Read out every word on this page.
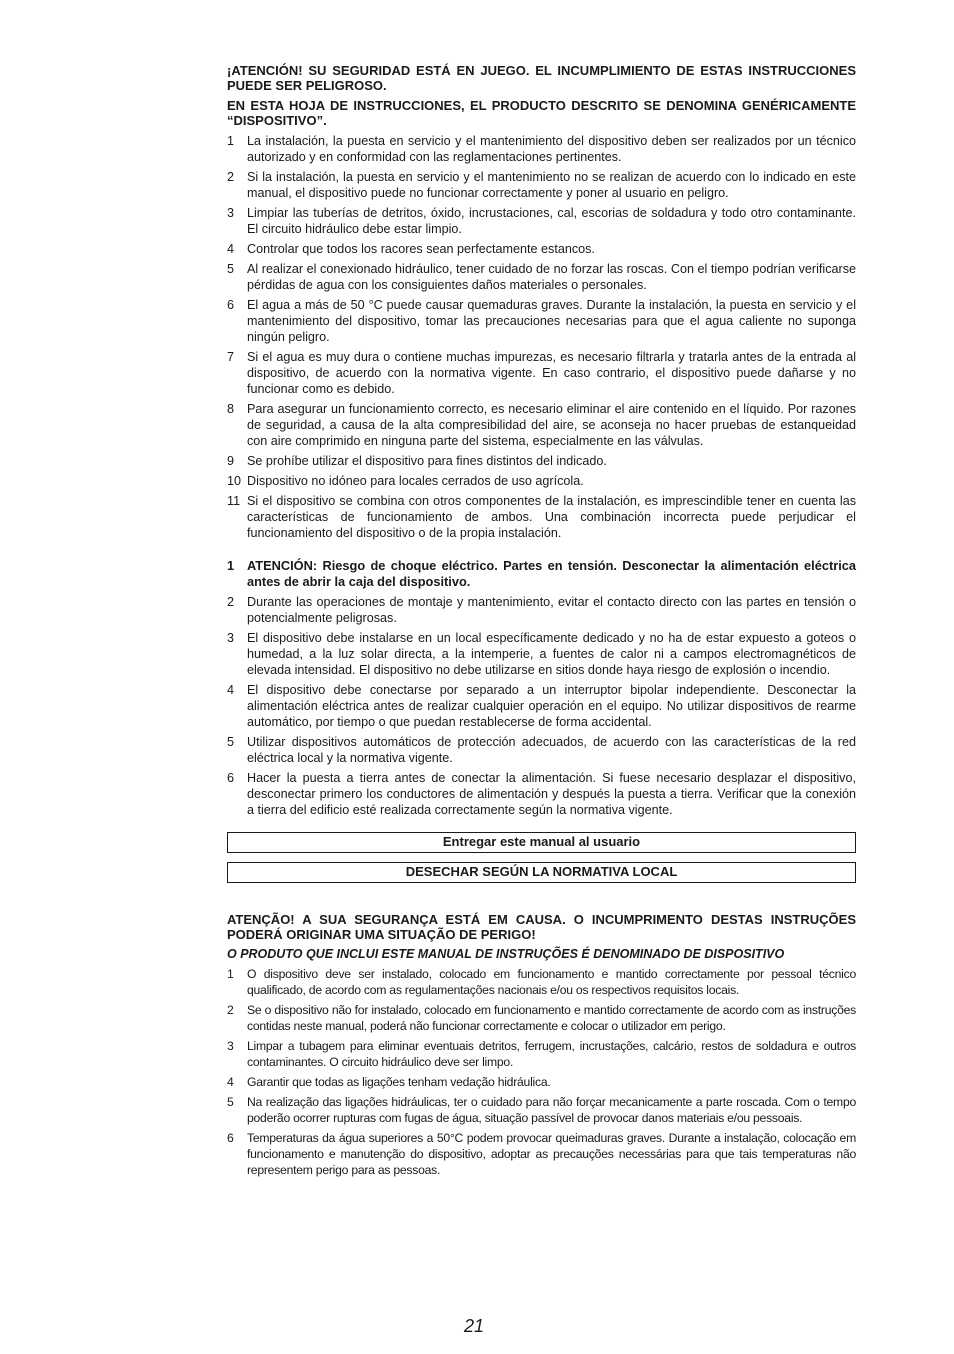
¡ATENCIÓN! SU SEGURIDAD ESTÁ EN JUEGO. EL INCUMPLIMIENTO DE ESTAS INSTRUCCIONES PUEDE SER PELIGROSO.

EN ESTA HOJA DE INSTRUCCIONES, EL PRODUCTO DESCRITO SE DENOMINA GENÉRICAMENTE “DISPOSITIVO”.

1	La instalación, la puesta en servicio y el mantenimiento del dispositivo deben ser realizados por un técnico autorizado y en conformidad con las reglamentaciones pertinentes.
2	Si la instalación, la puesta en servicio y el mantenimiento no se realizan de acuerdo con lo indicado en este manual, el dispositivo puede no funcionar correctamente y poner al usuario en peligro.
3	Limpiar las tuberías de detritos, óxido, incrustaciones, cal, escorias de soldadura y todo otro contaminante. El circuito hidráulico debe estar limpio.
4	Controlar que todos los racores sean perfectamente estancos.
5	Al realizar el conexionado hidráulico, tener cuidado de no forzar las roscas. Con el tiempo podrían verificarse pérdidas de agua con los consiguientes daños materiales o personales.
6	El agua a más de 50 °C puede causar quemaduras graves. Durante la instalación, la puesta en servicio y el mantenimiento del dispositivo, tomar las precauciones necesarias para que el agua caliente no suponga ningún peligro.
7	Si el agua es muy dura o contiene muchas impurezas, es necesario filtrarla y tratarla antes de la entrada al dispositivo, de acuerdo con la normativa vigente. En caso contrario, el dispositivo puede dañarse y no funcionar como es debido.
8	Para asegurar un funcionamiento correcto, es necesario eliminar el aire contenido en el líquido. Por razones de seguridad, a causa de la alta compresibilidad del aire, se aconseja no hacer pruebas de estanqueidad con aire comprimido en ninguna parte del sistema, especialmente en las válvulas.
9	Se prohíbe utilizar el dispositivo para fines distintos del indicado.
10 Dispositivo no idóneo para locales cerrados de uso agrícola.
11 Si el dispositivo se combina con otros componentes de la instalación, es imprescindible tener en cuenta las características de funcionamiento de ambos. Una combinación incorrecta puede perjudicar el funcionamiento del dispositivo o de la propia instalación.
1	ATENCIÓN: Riesgo de choque eléctrico. Partes en tensión. Desconectar la alimentación eléctrica antes de abrir la caja del dispositivo.
2	Durante las operaciones de montaje y mantenimiento, evitar el contacto directo con las partes en tensión o potencialmente peligrosas.
3	El dispositivo debe instalarse en un local específicamente dedicado y no ha de estar expuesto a goteos o humedad, a la luz solar directa, a la intemperie, a fuentes de calor ni a campos electromagnéticos de elevada intensidad. El dispositivo no debe utilizarse en sitios donde haya riesgo de explosión o incendio.
4	El dispositivo debe conectarse por separado a un interruptor bipolar independiente. Desconectar la alimentación eléctrica antes de realizar cualquier operación en el equipo. No utilizar dispositivos de rearme automático, por tiempo o que puedan restablecerse de forma accidental.
5	Utilizar dispositivos automáticos de protección adecuados, de acuerdo con las características de la red eléctrica local y la normativa vigente.
6	Hacer la puesta a tierra antes de conectar la alimentación. Si fuese necesario desplazar el dispositivo, desconectar primero los conductores de alimentación y después la puesta a tierra. Verificar que la conexión a tierra del edificio esté realizada correctamente según la normativa vigente.
Entregar este manual al usuario
DESECHAR SEGÚN LA NORMATIVA LOCAL

ATENÇÃO! A SUA SEGURANÇA ESTÁ EM CAUSA. O INCUMPRIMENTO DESTAS INSTRUÇÕES PODERÁ ORIGINAR UMA SITUAÇÃO DE PERIGO!

O PRODUTO QUE INCLUI ESTE MANUAL DE INSTRUÇÕES É DENOMINADO DE DISPOSITIVO

1	O dispositivo deve ser instalado, colocado em funcionamento e mantido correctamente por pessoal técnico qualificado, de acordo com as regulamentações nacionais e/ou os respectivos requisitos locais.
2	Se o dispositivo não for instalado, colocado em funcionamento e mantido correctamente de acordo com as instruções contidas neste manual, poderá não funcionar correctamente e colocar o utilizador em perigo.
3	Limpar a tubagem para eliminar eventuais detritos, ferrugem, incrustações, calcário, restos de soldadura e outros contaminantes. O circuito hidráulico deve ser limpo.
4	Garantir que todas as ligações tenham vedação hidráulica.
5	Na realização das ligações hidráulicas, ter o cuidado para não forçar mecanicamente a parte roscada. Com o tempo poderão ocorrer rupturas com fugas de água, situação passível de provocar danos materiais e/ou pessoais.
6	Temperaturas da água superiores a 50°C podem provocar queimaduras graves. Durante a instalação, colocação em funcionamento e manutenção do dispositivo, adoptar as precauções necessárias para que tais temperaturas não representem perigo para as pessoas.
21
